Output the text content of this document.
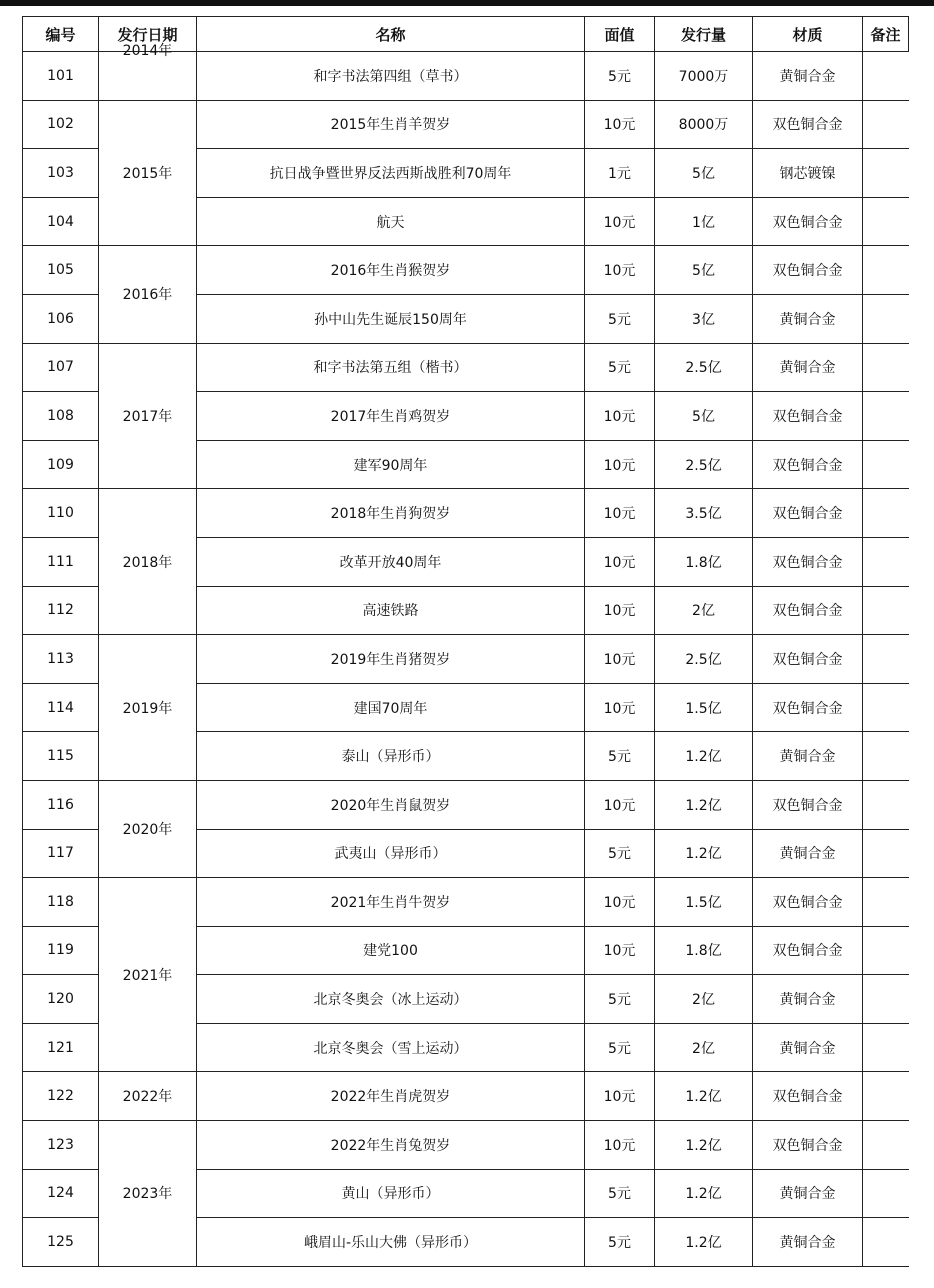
编号	发行日期	名称	面值	发行量	材质	备注
101	2014年	和字书法第四组（草书）	5元	7000万	黄铜合金	
102	2015年	2015年生肖羊贺岁	10元	8000万	双色铜合金	
103		抗日战争暨世界反法西斯战胜利70周年	1元	5亿	钢芯镀镍	
104		航天	10元	1亿	双色铜合金	
105	2016年	2016年生肖猴贺岁	10元	5亿	双色铜合金	
106		孙中山先生诞辰150周年	5元	3亿	黄铜合金	
107	2017年	和字书法第五组（楷书）	5元	2.5亿	黄铜合金	
108		2017年生肖鸡贺岁	10元	5亿	双色铜合金	
109		建军90周年	10元	2.5亿	双色铜合金	
110	2018年	2018年生肖狗贺岁	10元	3.5亿	双色铜合金	
111		改革开放40周年	10元	1.8亿	双色铜合金	
112		高速铁路	10元	2亿	双色铜合金	
113	2019年	2019年生肖猪贺岁	10元	2.5亿	双色铜合金	
114		建国70周年	10元	1.5亿	双色铜合金	
115		泰山（异形币）	5元	1.2亿	黄铜合金	
116	2020年	2020年生肖鼠贺岁	10元	1.2亿	双色铜合金	
117		武夷山（异形币）	5元	1.2亿	黄铜合金	
118	2021年	2021年生肖牛贺岁	10元	1.5亿	双色铜合金	
119		建党100	10元	1.8亿	双色铜合金	
120		北京冬奥会（冰上运动）	5元	2亿	黄铜合金	
121		北京冬奥会（雪上运动）	5元	2亿	黄铜合金	
122	2022年	2022年生肖虎贺岁	10元	1.2亿	双色铜合金	
123	2023年	2022年生肖兔贺岁	10元	1.2亿	双色铜合金	
124		黄山（异形币）	5元	1.2亿	黄铜合金	
125		峨眉山-乐山大佛（异形币）	5元	1.2亿	黄铜合金	
